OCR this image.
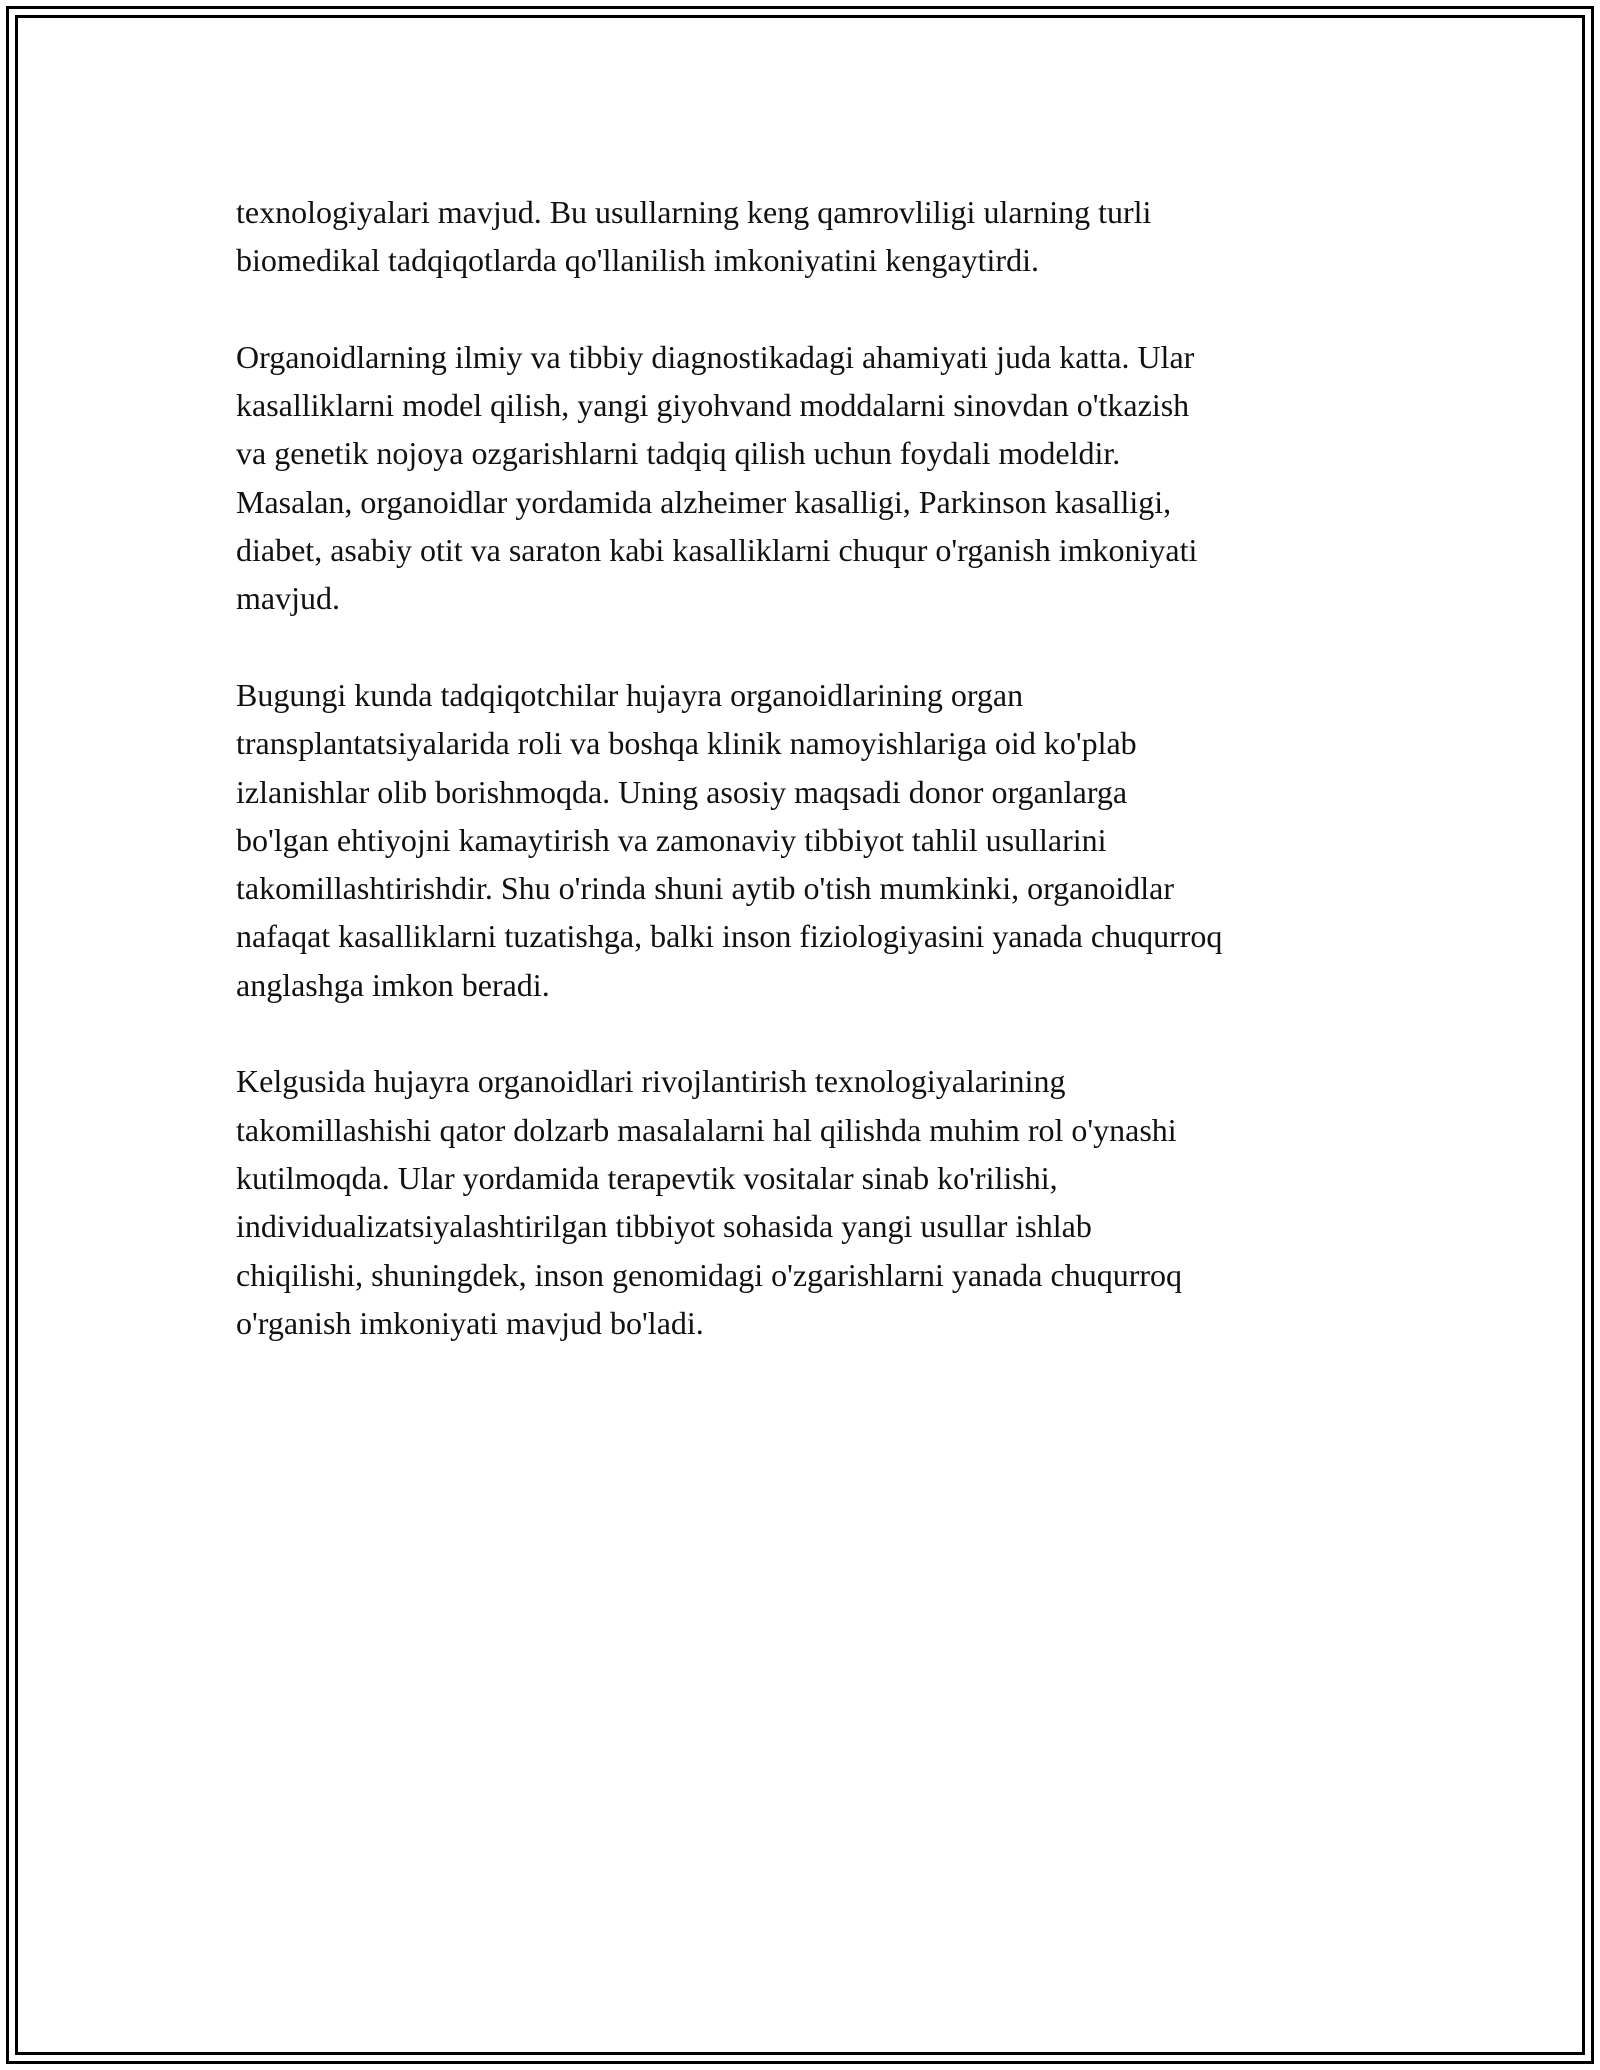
texnologiyalari mavjud. Bu usullarning keng qamrovliligi ularning turli
biomedikal tadqiqotlarda qo'llanilish imkoniyatini kengaytirdi.

Organoidlarning ilmiy va tibbiy diagnostikadagi ahamiyati juda katta. Ular
kasalliklarni model qilish, yangi giyohvand moddalarni sinovdan o'tkazish
va genetik nojoya ozgarishlarni tadqiq qilish uchun foydali modeldir.
Masalan, organoidlar yordamida alzheimer kasalligi, Parkinson kasalligi,
diabet, asabiy otit va saraton kabi kasalliklarni chuqur o'rganish imkoniyati
mavjud.

Bugungi kunda tadqiqotchilar hujayra organoidlarining organ
transplantatsiyalarida roli va boshqa klinik namoyishlariga oid ko'plab
izlanishlar olib borishmoqda. Uning asosiy maqsadi donor organlarga
bo'lgan ehtiyojni kamaytirish va zamonaviy tibbiyot tahlil usullarini
takomillashtirishdir. Shu o'rinda shuni aytib o'tish mumkinki, organoidlar
nafaqat kasalliklarni tuzatishga, balki inson fiziologiyasini yanada chuqurroq
anglashga imkon beradi.

Kelgusida hujayra organoidlari rivojlantirish texnologiyalarining
takomillashishi qator dolzarb masalalarni hal qilishda muhim rol o'ynashi
kutilmoqda. Ular yordamida terapevtik vositalar sinab ko'rilishi,
individualizatsiyalashtirilgan tibbiyot sohasida yangi usullar ishlab
chiqilishi, shuningdek, inson genomidagi o'zgarishlarni yanada chuqurroq
o'rganish imkoniyati mavjud bo'ladi.
